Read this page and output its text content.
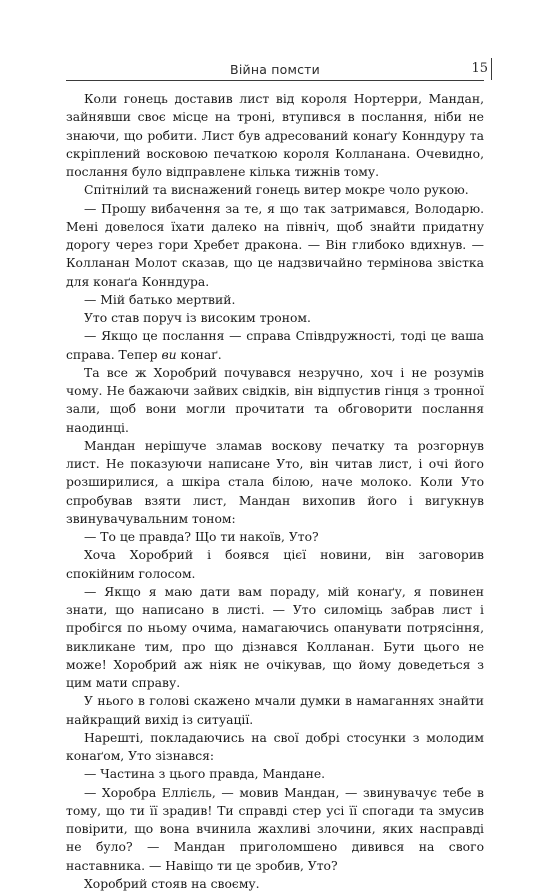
Війна помсти	15

Коли гонець доставив лист від короля Нортерри, Мандан, зайнявши своє місце на троні, втупився в послання, ніби не знаючи, що робити. Лист був адресований конаґу Конндуру та скріплений восковою печаткою короля Колланана. Очевидно, послання було відправлене кілька тижнів тому.

Спітнілий та виснажений гонець витер мокре чоло рукою.

— Прошу вибачення за те, я що так затримався, Володарю. Мені довелося їхати далеко на північ, щоб знайти придатну дорогу через гори Хребет дракона. — Він глибоко вдихнув. — Колланан Молот сказав, що це надзвичайно термінова звістка для конаґа Конндура.

— Мій батько мертвий.

Уто став поруч із високим троном.

— Якщо це послання — справа Співдружності, тоді це ваша справа. Тепер ви конаґ.

Та все ж Хоробрий почувався незручно, хоч і не розумів чому. Не бажаючи зайвих свідків, він відпустив гінця з тронної зали, щоб вони могли прочитати та обговорити послання наодинці.

Мандан нерішуче зламав воскову печатку та розгорнув лист. Не показуючи написане Уто, він читав лист, і очі його розширилися, а шкіра стала білою, наче молоко. Коли Уто спробував взяти лист, Мандан вихопив його і вигукнув звинувачувальним тоном:

— То це правда? Що ти накоїв, Уто?

Хоча Хоробрий і боявся цієї новини, він заговорив спокійним голосом.

— Якщо я маю дати вам пораду, мій конаґу, я повинен знати, що написано в листі. — Уто силоміць забрав лист і пробігся по ньому очима, намагаючись опанувати потрясіння, викликане тим, про що дізнався Колланан. Бути цього не може! Хоробрий аж ніяк не очікував, що йому доведеться з цим мати справу.

У нього в голові скажено мчали думки в намаганнях знайти найкращий вихід із ситуації.

Нарешті, покладаючись на свої добрі стосунки з молодим конаґом, Уто зізнався:

— Частина з цього правда, Мандане.

— Хоробра Еллієль, — мовив Мандан, — звинувачує тебе в тому, що ти її зрадив! Ти справді стер усі її спогади та змусив повірити, що вона вчинила жахливі злочини, яких насправді не було? — Мандан приголомшено дивився на свого наставника. — Навіщо ти це зробив, Уто?

Хоробрий стояв на своєму.
